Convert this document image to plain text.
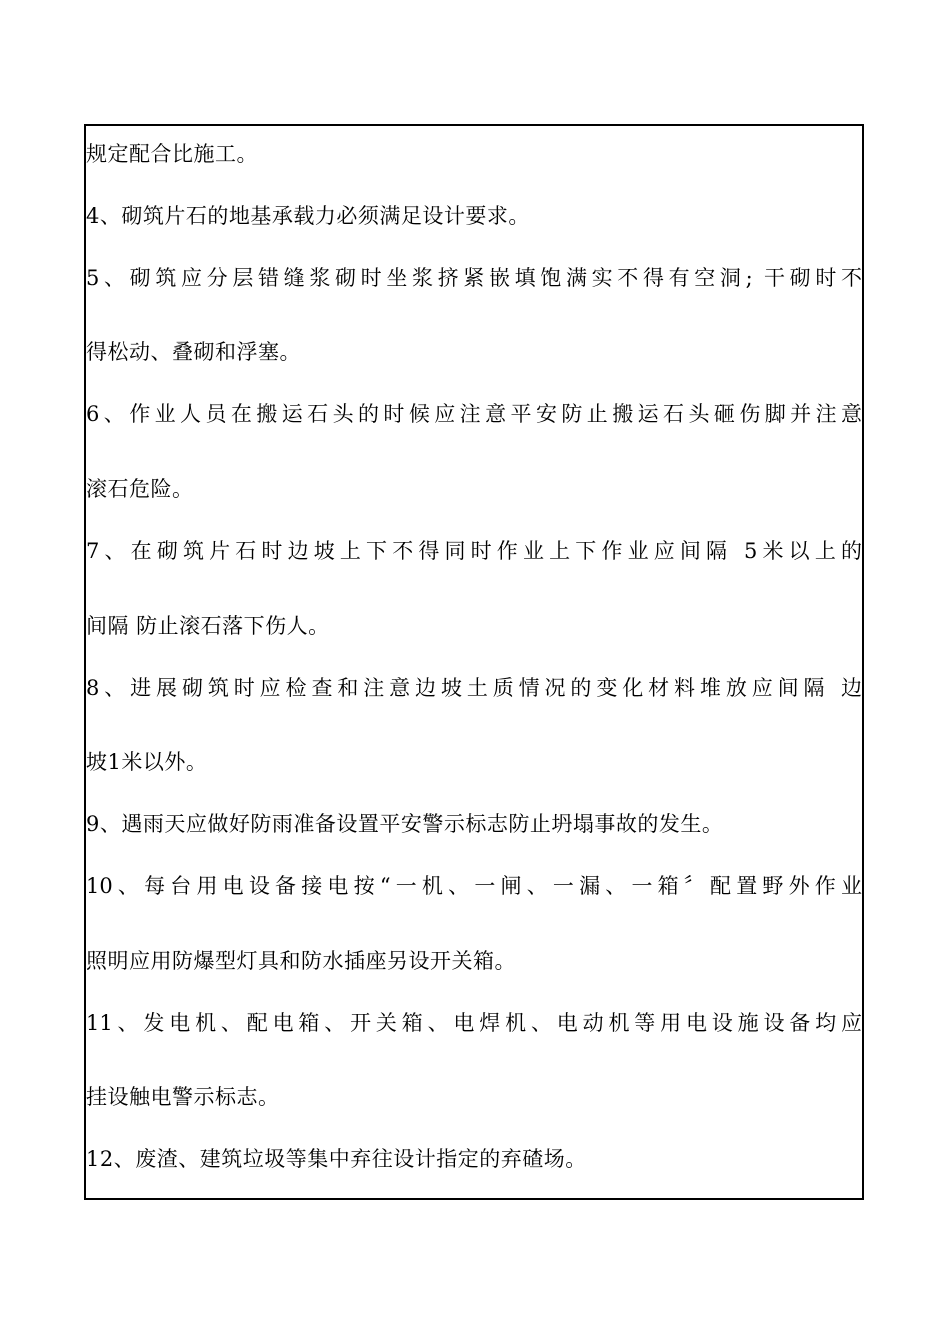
规定配合比施工。
4、砌筑片石的地基承载力必须满足设计要求。
5、砌筑应分层错缝浆砌时坐浆挤紧嵌填饱满实不得有空洞; 干砌时不
得松动、叠砌和浮塞。
6、作业人员在搬运石头的时候应注意平安防止搬运石头砸伤脚并注意
滚石危险。
7、在砌筑片石时边坡上下不得同时作业上下作业应间隔 5米以上的
间隔 防止滚石落下伤人。
8、进展砌筑时应检查和注意边坡土质情况的变化材料堆放应间隔 边
坡1米以外。
9、遇雨天应做好防雨准备设置平安警示标志防止坍塌事故的发生。
10、每台用电设备接电按“一机、一闸、一漏、一箱〞配置野外作业
照明应用防爆型灯具和防水插座另设开关箱。
11、发电机、配电箱、开关箱、电焊机、电动机等用电设施设备均应
挂设触电警示标志。
12、废渣、建筑垃圾等集中弃往设计指定的弃碴场。
